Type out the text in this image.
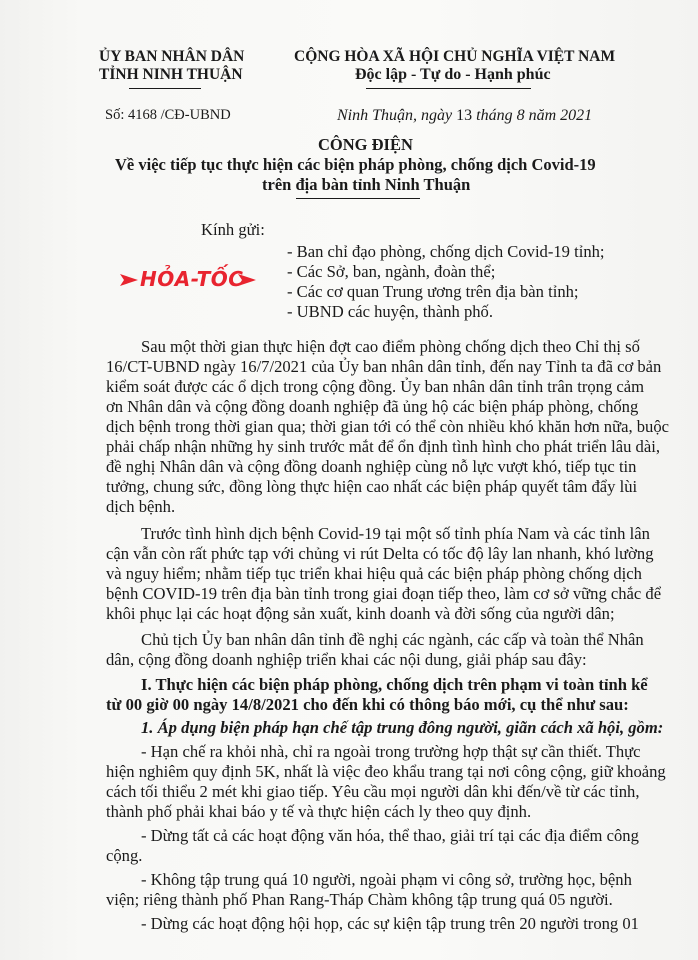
ỦY BAN NHÂN DÂN
TỈNH NINH THUẬN
CỘNG HÒA XÃ HỘI CHỦ NGHĨA VIỆT NAM
Độc lập - Tự do - Hạnh phúc
Số: 4168 /CĐ-UBND	Ninh Thuận, ngày 13 tháng 8 năm 2021
CÔNG ĐIỆN
Về việc tiếp tục thực hiện các biện pháp phòng, chống dịch Covid-19
trên địa bàn tỉnh Ninh Thuận
Kính gửi:
HỎA-TỐC
- Ban chỉ đạo phòng, chống dịch Covid-19 tỉnh;
- Các Sở, ban, ngành, đoàn thể;
- Các cơ quan Trung ương trên địa bàn tỉnh;
- UBND các huyện, thành phố.
Sau một thời gian thực hiện đợt cao điểm phòng chống dịch theo Chỉ thị số
16/CT-UBND ngày 16/7/2021 của Ủy ban nhân dân tỉnh, đến nay Tỉnh ta đã cơ bản
kiểm soát được các ổ dịch trong cộng đồng. Ủy ban nhân dân tỉnh trân trọng cảm
ơn Nhân dân và cộng đồng doanh nghiệp đã ủng hộ các biện pháp phòng, chống
dịch bệnh trong thời gian qua; thời gian tới có thể còn nhiều khó khăn hơn nữa, buộc
phải chấp nhận những hy sinh trước mắt để ổn định tình hình cho phát triển lâu dài,
đề nghị Nhân dân và cộng đồng doanh nghiệp cùng nỗ lực vượt khó, tiếp tục tin
tưởng, chung sức, đồng lòng thực hiện cao nhất các biện pháp quyết tâm đẩy lùi
dịch bệnh.
Trước tình hình dịch bệnh Covid-19 tại một số tỉnh phía Nam và các tỉnh lân
cận vẫn còn rất phức tạp với chủng vi rút Delta có tốc độ lây lan nhanh, khó lường
và nguy hiểm; nhằm tiếp tục triển khai hiệu quả các biện pháp phòng chống dịch
bệnh COVID-19 trên địa bàn tỉnh trong giai đoạn tiếp theo, làm cơ sở vững chắc để
khôi phục lại các hoạt động sản xuất, kinh doanh và đời sống của người dân;
Chủ tịch Ủy ban nhân dân tỉnh đề nghị các ngành, các cấp và toàn thể Nhân
dân, cộng đồng doanh nghiệp triển khai các nội dung, giải pháp sau đây:
I. Thực hiện các biện pháp phòng, chống dịch trên phạm vi toàn tỉnh kể
từ 00 giờ 00 ngày 14/8/2021 cho đến khi có thông báo mới, cụ thể như sau:
1. Áp dụng biện pháp hạn chế tập trung đông người, giãn cách xã hội, gồm:
- Hạn chế ra khỏi nhà, chỉ ra ngoài trong trường hợp thật sự cần thiết. Thực
hiện nghiêm quy định 5K, nhất là việc đeo khẩu trang tại nơi công cộng, giữ khoảng
cách tối thiểu 2 mét khi giao tiếp. Yêu cầu mọi người dân khi đến/về từ các tỉnh,
thành phố phải khai báo y tế và thực hiện cách ly theo quy định.
- Dừng tất cả các hoạt động văn hóa, thể thao, giải trí tại các địa điểm công
cộng.
- Không tập trung quá 10 người, ngoài phạm vi công sở, trường học, bệnh
viện; riêng thành phố Phan Rang-Tháp Chàm không tập trung quá 05 người.
- Dừng các hoạt động hội họp, các sự kiện tập trung trên 20 người trong 01
